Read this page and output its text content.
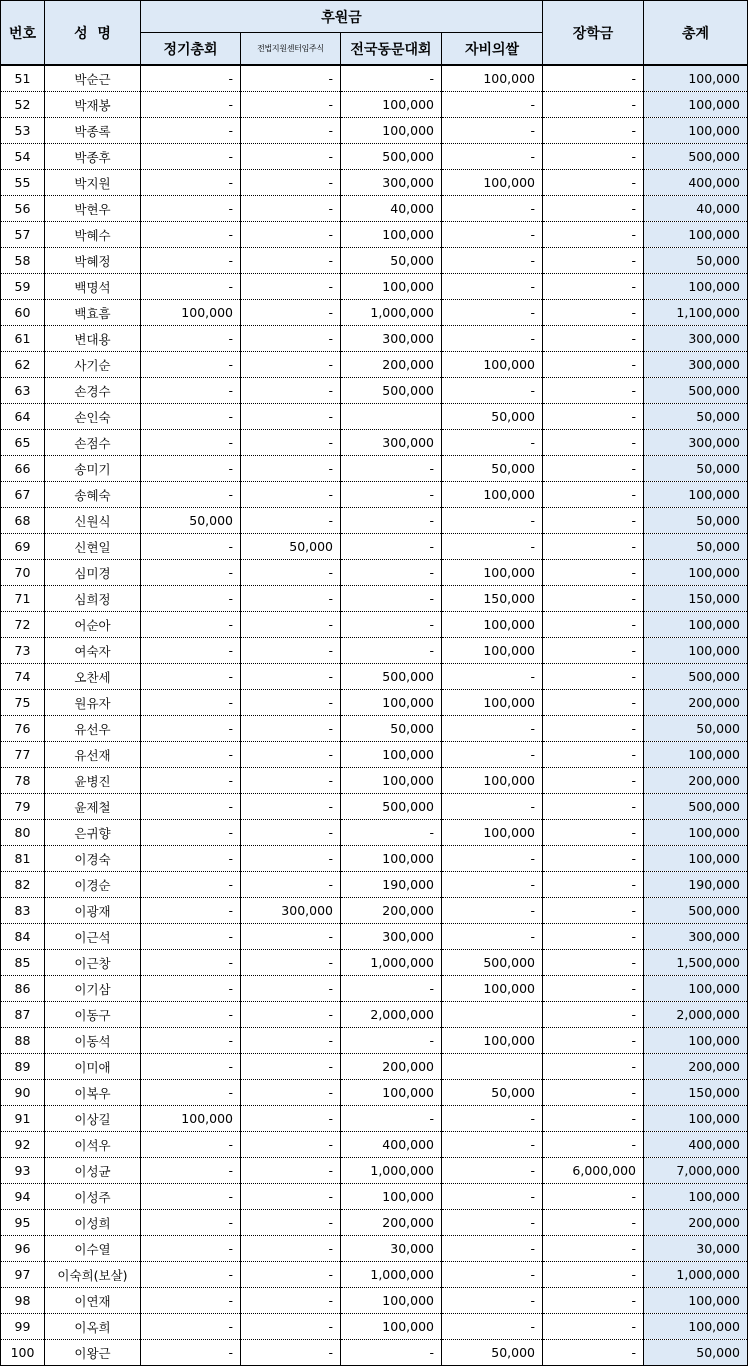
번호	성  명	후원금				장학금	총계
		정기총회	전법지원센터임주식	전국동문대회	자비의쌀		
51	박순근	-	-	-	100,000	-	100,000
52	박재봉	-	-	100,000	-	-	100,000
53	박종록	-	-	100,000	-	-	100,000
54	박종후	-	-	500,000	-	-	500,000
55	박지원	-	-	300,000	100,000	-	400,000
56	박현우	-	-	40,000	-	-	40,000
57	박혜수	-	-	100,000	-	-	100,000
58	박혜정	-	-	50,000	-	-	50,000
59	백명석	-	-	100,000	-	-	100,000
60	백효흠	100,000	-	1,000,000	-	-	1,100,000
61	변대용	-	-	300,000	-	-	300,000
62	사기순	-	-	200,000	100,000	-	300,000
63	손경수	-	-	500,000	-	-	500,000
64	손인숙	-	-		50,000	-	50,000
65	손점수	-	-	300,000	-	-	300,000
66	송미기	-	-	-	50,000	-	50,000
67	송혜숙	-	-	-	100,000	-	100,000
68	신원식	50,000	-	-	-	-	50,000
69	신현일	-	50,000	-	-	-	50,000
70	심미경	-	-	-	100,000	-	100,000
71	심희정	-	-	-	150,000	-	150,000
72	어순아	-	-	-	100,000	-	100,000
73	여숙자	-	-	-	100,000	-	100,000
74	오찬세	-	-	500,000	-	-	500,000
75	원유자	-	-	100,000	100,000	-	200,000
76	유선우	-	-	50,000	-	-	50,000
77	유선재	-	-	100,000	-	-	100,000
78	윤병진	-	-	100,000	100,000	-	200,000
79	윤제철	-	-	500,000	-	-	500,000
80	은귀향	-	-	-	100,000	-	100,000
81	이경숙	-	-	100,000	-	-	100,000
82	이경순	-	-	190,000	-	-	190,000
83	이광재	-	300,000	200,000	-	-	500,000
84	이근석	-	-	300,000	-	-	300,000
85	이근창	-	-	1,000,000	500,000	-	1,500,000
86	이기삼	-	-	-	100,000	-	100,000
87	이동구	-	-	2,000,000		-	2,000,000
88	이동석	-	-	-	100,000	-	100,000
89	이미애	-	-	200,000		-	200,000
90	이복우	-	-	100,000	50,000	-	150,000
91	이상길	100,000	-	-	-	-	100,000
92	이석우	-	-	400,000	-	-	400,000
93	이성균	-	-	1,000,000	-	6,000,000	7,000,000
94	이성주	-	-	100,000	-	-	100,000
95	이성희	-	-	200,000	-	-	200,000
96	이수열	-	-	30,000	-	-	30,000
97	이숙희(보살)	-	-	1,000,000	-	-	1,000,000
98	이연재	-	-	100,000	-	-	100,000
99	이옥희	-	-	100,000	-	-	100,000
100	이왕근	-	-	-	50,000	-	50,000
